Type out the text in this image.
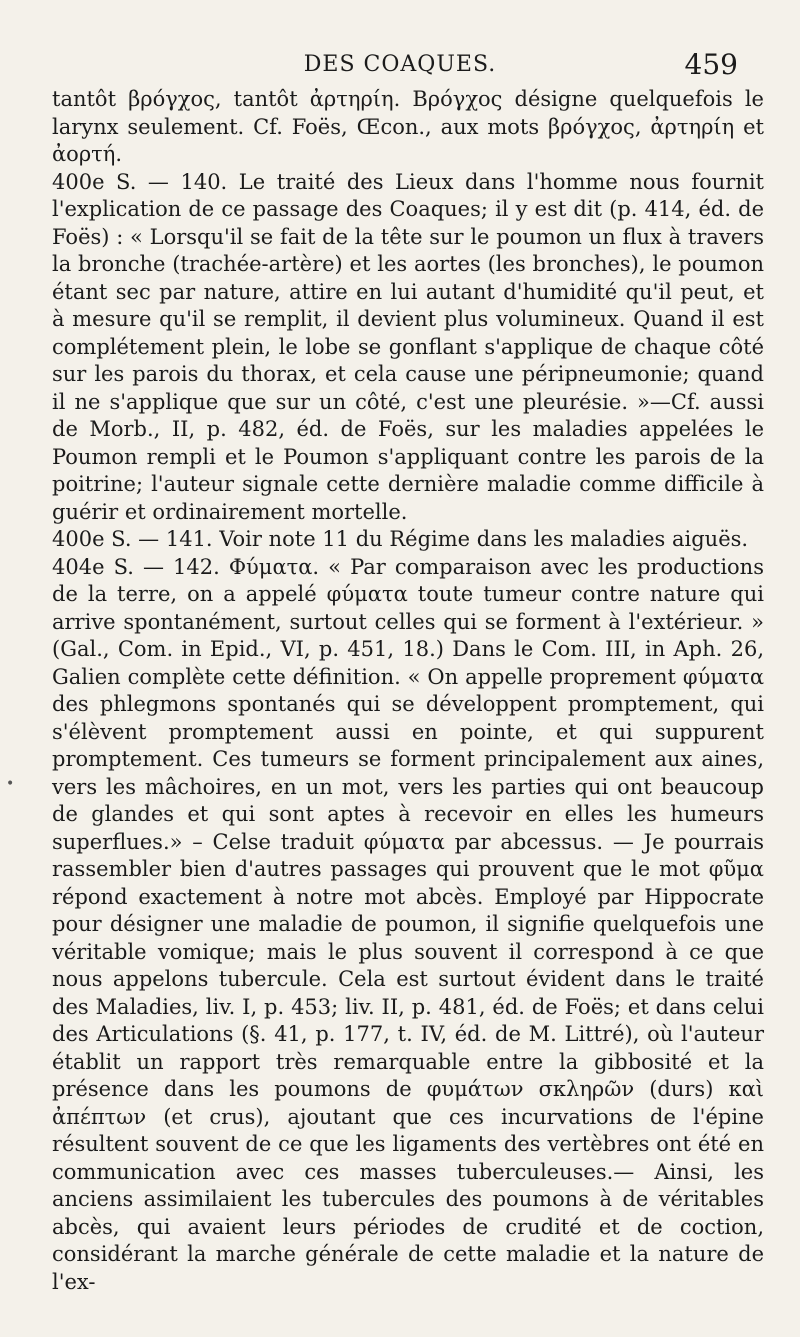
DES COAQUES.	459

tantôt βρόγχος, tantôt ἀρτηρίη. Βρόγχος désigne quelquefois le larynx seulement. Cf. Foës, Œcon., aux mots βρόγχος, ἀρτηρίη et ἀορτή.

400e S. — 140. Le traité des Lieux dans l'homme nous fournit l'explication de ce passage des Coaques; il y est dit (p. 414, éd. de Foës) : « Lorsqu'il se fait de la tête sur le poumon un flux à travers la bronche (trachée-artère) et les aortes (les bronches), le poumon étant sec par nature, attire en lui autant d'humidité qu'il peut, et à mesure qu'il se remplit, il devient plus volumineux. Quand il est complétement plein, le lobe se gonflant s'applique de chaque côté sur les parois du thorax, et cela cause une péripneumonie; quand il ne s'applique que sur un côté, c'est une pleurésie. »—Cf. aussi de Morb., II, p. 482, éd. de Foës, sur les maladies appelées le Poumon rempli et le Poumon s'appliquant contre les parois de la poitrine; l'auteur signale cette dernière maladie comme difficile à guérir et ordinairement mortelle.

400e S. — 141. Voir note 11 du Régime dans les maladies aiguës.

404e S. — 142. Φύματα. « Par comparaison avec les productions de la terre, on a appelé φύματα toute tumeur contre nature qui arrive spontanément, surtout celles qui se forment à l'extérieur. » (Gal., Com. in Epid., VI, p. 451, 18.) Dans le Com. III, in Aph. 26, Galien complète cette définition. « On appelle proprement φύματα des phlegmons spontanés qui se développent promptement, qui s'élèvent promptement aussi en pointe, et qui suppurent promptement. Ces tumeurs se forment principalement aux aines, vers les mâchoires, en un mot, vers les parties qui ont beaucoup de glandes et qui sont aptes à recevoir en elles les humeurs superflues.» – Celse traduit φύματα par abcessus. — Je pourrais rassembler bien d'autres passages qui prouvent que le mot φῦμα répond exactement à notre mot abcès. Employé par Hippocrate pour désigner une maladie de poumon, il signifie quelquefois une véritable vomique; mais le plus souvent il correspond à ce que nous appelons tubercule. Cela est surtout évident dans le traité des Maladies, liv. I, p. 453; liv. II, p. 481, éd. de Foës; et dans celui des Articulations (§. 41, p. 177, t. IV, éd. de M. Littré), où l'auteur établit un rapport très remarquable entre la gibbosité et la présence dans les poumons de φυμάτων σκληρῶν (durs) καὶ ἀπέπτων (et crus), ajoutant que ces incurvations de l'épine résultent souvent de ce que les ligaments des vertèbres ont été en communication avec ces masses tuberculeuses.— Ainsi, les anciens assimilaient les tubercules des poumons à de véritables abcès, qui avaient leurs périodes de crudité et de coction, considérant la marche générale de cette maladie et la nature de l'ex-

•
